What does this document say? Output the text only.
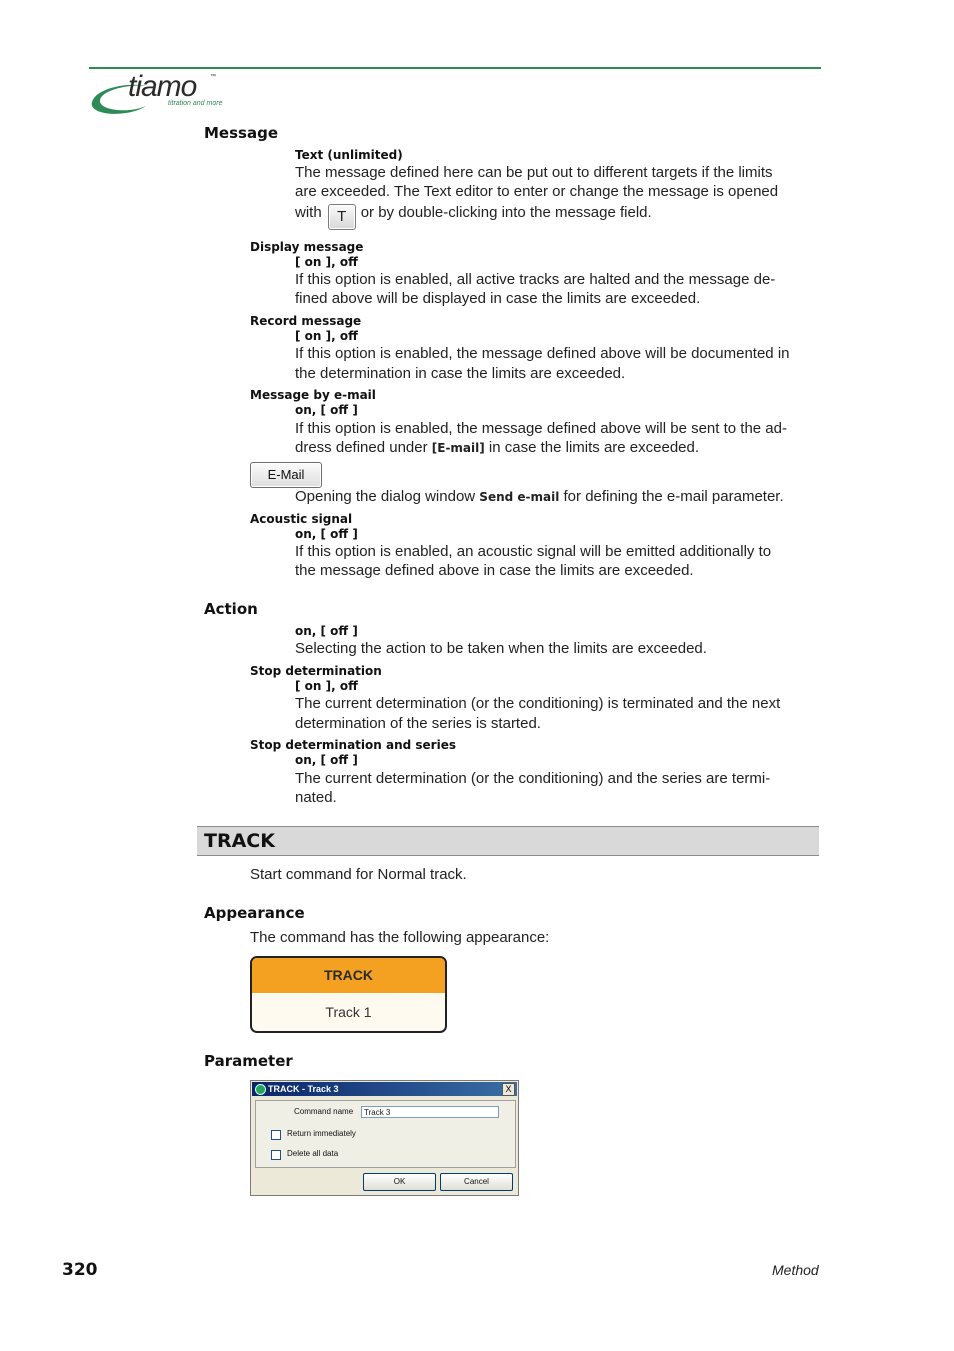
tiamo ™
titration and more
Message
Text (unlimited)
The message defined here can be put out to different targets if the limits
are exceeded. The Text editor to enter or change the message is opened
with T or by double-clicking into the message field.
Display message
[ on ], off
If this option is enabled, all active tracks are halted and the message de-
fined above will be displayed in case the limits are exceeded.
Record message
[ on ], off
If this option is enabled, the message defined above will be documented in
the determination in case the limits are exceeded.
Message by e-mail
on, [ off ]
If this option is enabled, the message defined above will be sent to the ad-
dress defined under [E-mail] in case the limits are exceeded.
E-Mail
Opening the dialog window Send e-mail for defining the e-mail parameter.
Acoustic signal
on, [ off ]
If this option is enabled, an acoustic signal will be emitted additionally to
the message defined above in case the limits are exceeded.
Action
on, [ off ]
Selecting the action to be taken when the limits are exceeded.
Stop determination
[ on ], off
The current determination (or the conditioning) is terminated and the next
determination of the series is started.
Stop determination and series
on, [ off ]
The current determination (or the conditioning) and the series are termi-
nated.
TRACK
Start command for Normal track.
Appearance
The command has the following appearance:
TRACK
Track 1
Parameter
TRACK - Track 3	X
Command name	Track 3
Return immediately
Delete all data
OK	Cancel
320	Method
